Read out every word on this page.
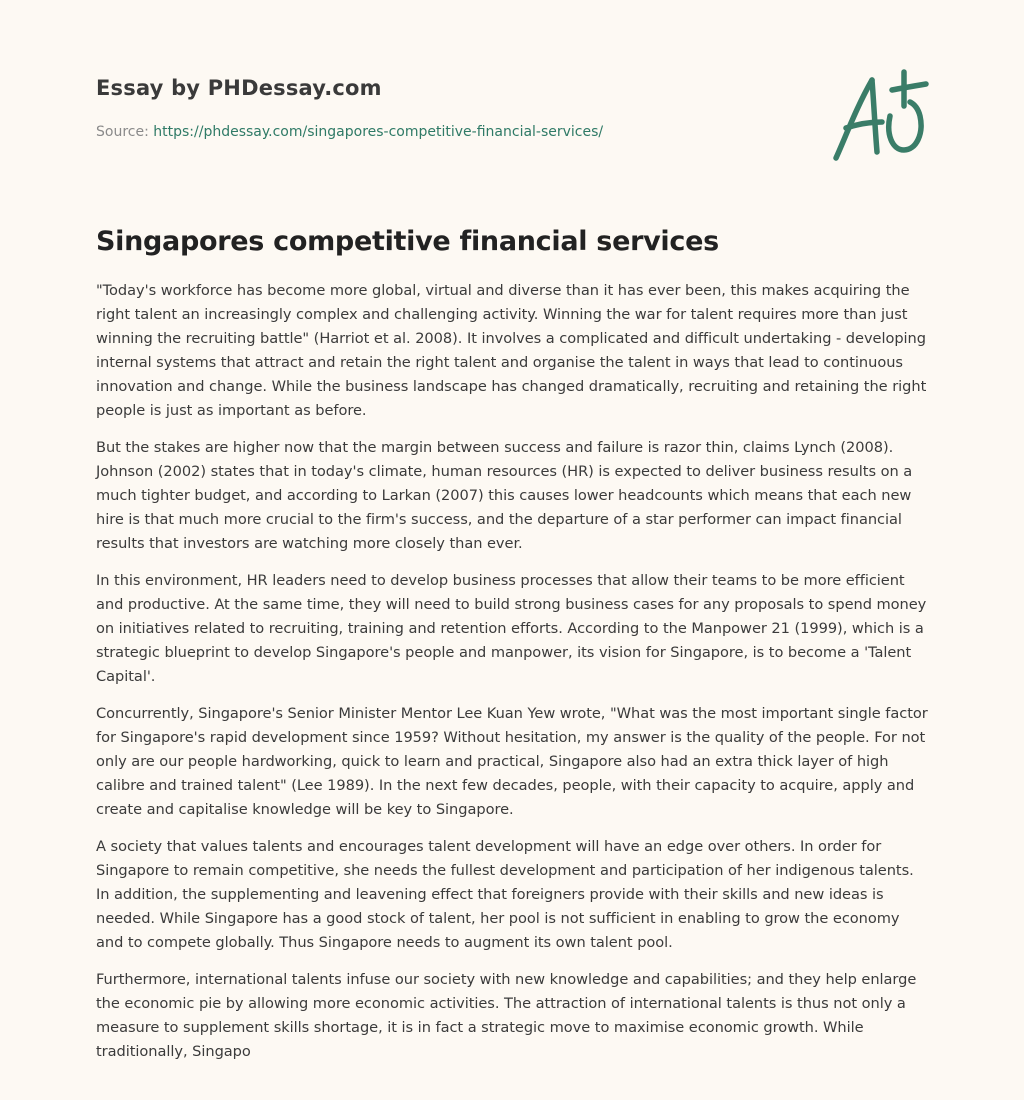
Essay by PHDessay.com
Source: https://phdessay.com/singapores-competitive-financial-services/
Singapores competitive financial services

"Today's workforce has become more global, virtual and diverse than it has ever been, this makes acquiring the right talent an increasingly complex and challenging activity. Winning the war for talent requires more than just winning the recruiting battle" (Harriot et al. 2008). It involves a complicated and difficult undertaking - developing internal systems that attract and retain the right talent and organise the talent in ways that lead to continuous innovation and change. While the business landscape has changed dramatically, recruiting and retaining the right people is just as important as before.

But the stakes are higher now that the margin between success and failure is razor thin, claims Lynch (2008). Johnson (2002) states that in today's climate, human resources (HR) is expected to deliver business results on a much tighter budget, and according to Larkan (2007) this causes lower headcounts which means that each new hire is that much more crucial to the firm's success, and the departure of a star performer can impact financial results that investors are watching more closely than ever.

In this environment, HR leaders need to develop business processes that allow their teams to be more efficient and productive. At the same time, they will need to build strong business cases for any proposals to spend money on initiatives related to recruiting, training and retention efforts. According to the Manpower 21 (1999), which is a strategic blueprint to develop Singapore's people and manpower, its vision for Singapore, is to become a 'Talent Capital'.

Concurrently, Singapore's Senior Minister Mentor Lee Kuan Yew wrote, "What was the most important single factor for Singapore's rapid development since 1959? Without hesitation, my answer is the quality of the people. For not only are our people hardworking, quick to learn and practical, Singapore also had an extra thick layer of high calibre and trained talent" (Lee 1989). In the next few decades, people, with their capacity to acquire, apply and create and capitalise knowledge will be key to Singapore.

A society that values talents and encourages talent development will have an edge over others. In order for Singapore to remain competitive, she needs the fullest development and participation of her indigenous talents. In addition, the supplementing and leavening effect that foreigners provide with their skills and new ideas is needed. While Singapore has a good stock of talent, her pool is not sufficient in enabling to grow the economy and to compete globally. Thus Singapore needs to augment its own talent pool.

Furthermore, international talents infuse our society with new knowledge and capabilities; and they help enlarge the economic pie by allowing more economic activities. The attraction of international talents is thus not only a measure to supplement skills shortage, it is in fact a strategic move to maximise economic growth. While traditionally, Singapo
